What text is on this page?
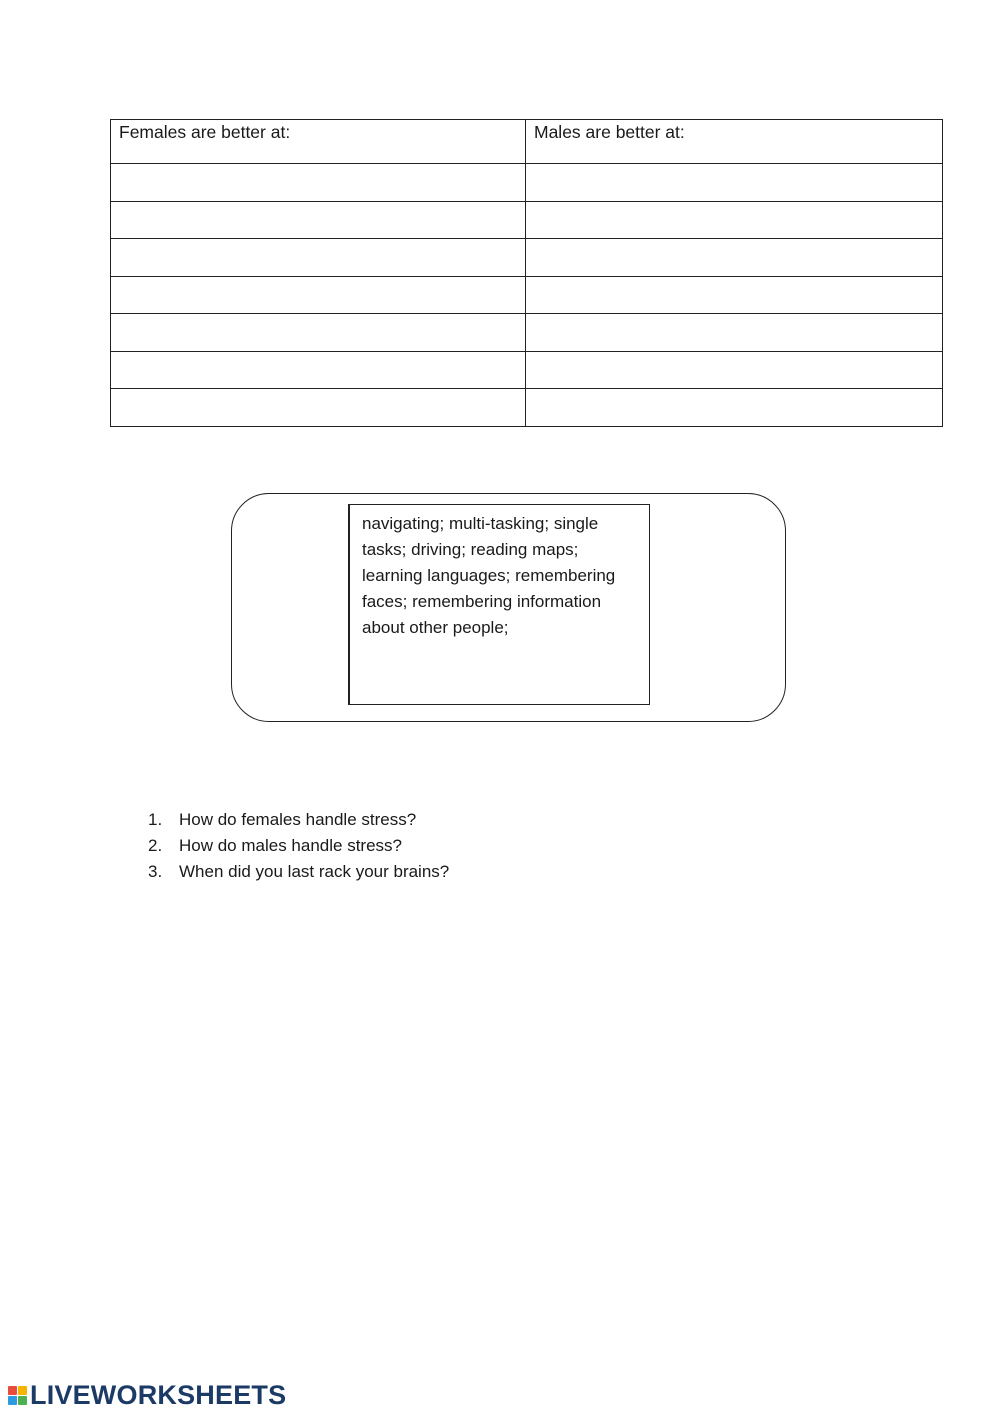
Females are better at:	Males are better at:

navigating; multi-tasking; single tasks; driving; reading maps; learning languages; remembering faces; remembering information about other people;
1. How do females handle stress?
2. How do males handle stress?
3. When did you last rack your brains?
LIVEWORKSHEETS
